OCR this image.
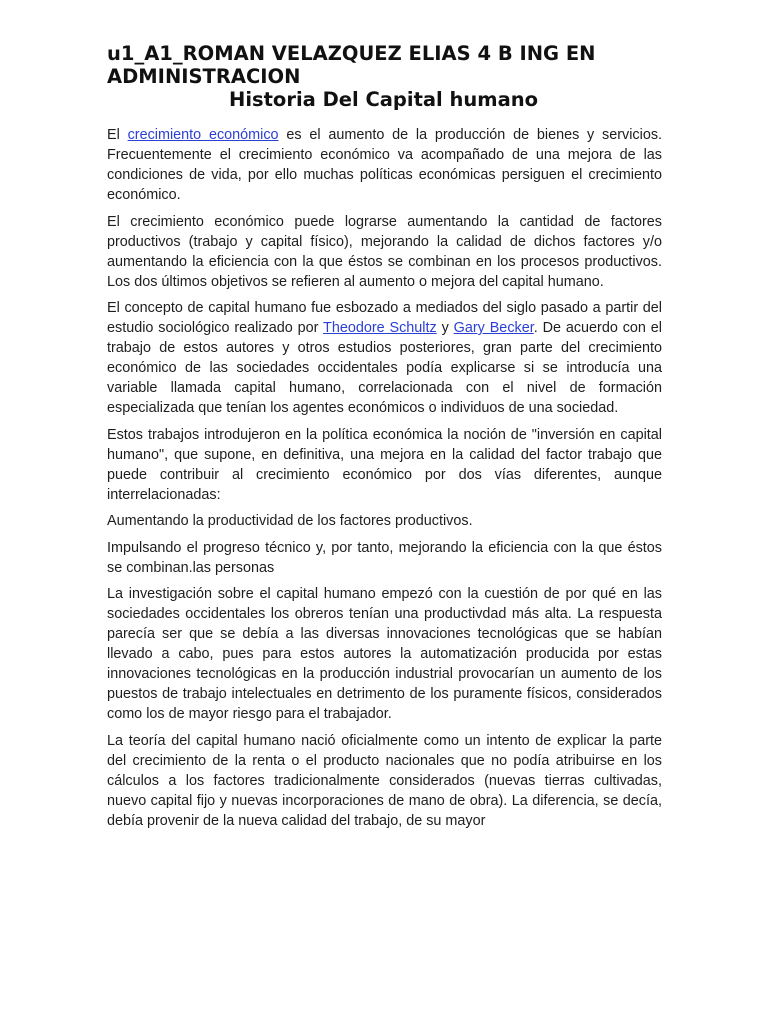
u1_A1_ROMAN VELAZQUEZ ELIAS 4 B ING EN
ADMINISTRACION
Historia Del Capital humano

El crecimiento económico es el aumento de la producción de bienes y servicios. Frecuentemente el crecimiento económico va acompañado de una mejora de las condiciones de vida, por ello muchas políticas económicas persiguen el crecimiento económico.

El crecimiento económico puede lograrse aumentando la cantidad de factores productivos (trabajo y capital físico), mejorando la calidad de dichos factores y/o aumentando la eficiencia con la que éstos se combinan en los procesos productivos. Los dos últimos objetivos se refieren al aumento o mejora del capital humano.

El concepto de capital humano fue esbozado a mediados del siglo pasado a partir del estudio sociológico realizado por Theodore Schultz y Gary Becker. De acuerdo con el trabajo de estos autores y otros estudios posteriores, gran parte del crecimiento económico de las sociedades occidentales podía explicarse si se introducía una variable llamada capital humano, correlacionada con el nivel de formación especializada que tenían los agentes económicos o individuos de una sociedad.

Estos trabajos introdujeron en la política económica la noción de "inversión en capital humano", que supone, en definitiva, una mejora en la calidad del factor trabajo que puede contribuir al crecimiento económico por dos vías diferentes, aunque interrelacionadas:

Aumentando la productividad de los factores productivos.

Impulsando el progreso técnico y, por tanto, mejorando la eficiencia con la que éstos se combinan.las personas

La investigación sobre el capital humano empezó con la cuestión de por qué en las sociedades occidentales los obreros tenían una productivdad más alta. La respuesta parecía ser que se debía a las diversas innovaciones tecnológicas que se habían llevado a cabo, pues para estos autores la automatización producida por estas innovaciones tecnológicas en la producción industrial provocarían un aumento de los puestos de trabajo intelectuales en detrimento de los puramente físicos, considerados como los de mayor riesgo para el trabajador.

La teoría del capital humano nació oficialmente como un intento de explicar la parte del crecimiento de la renta o el producto nacionales que no podía atribuirse en los cálculos a los factores tradicionalmente considerados (nuevas tierras cultivadas, nuevo capital fijo y nuevas incorporaciones de mano de obra). La diferencia, se decía, debía provenir de la nueva calidad del trabajo, de su mayor
